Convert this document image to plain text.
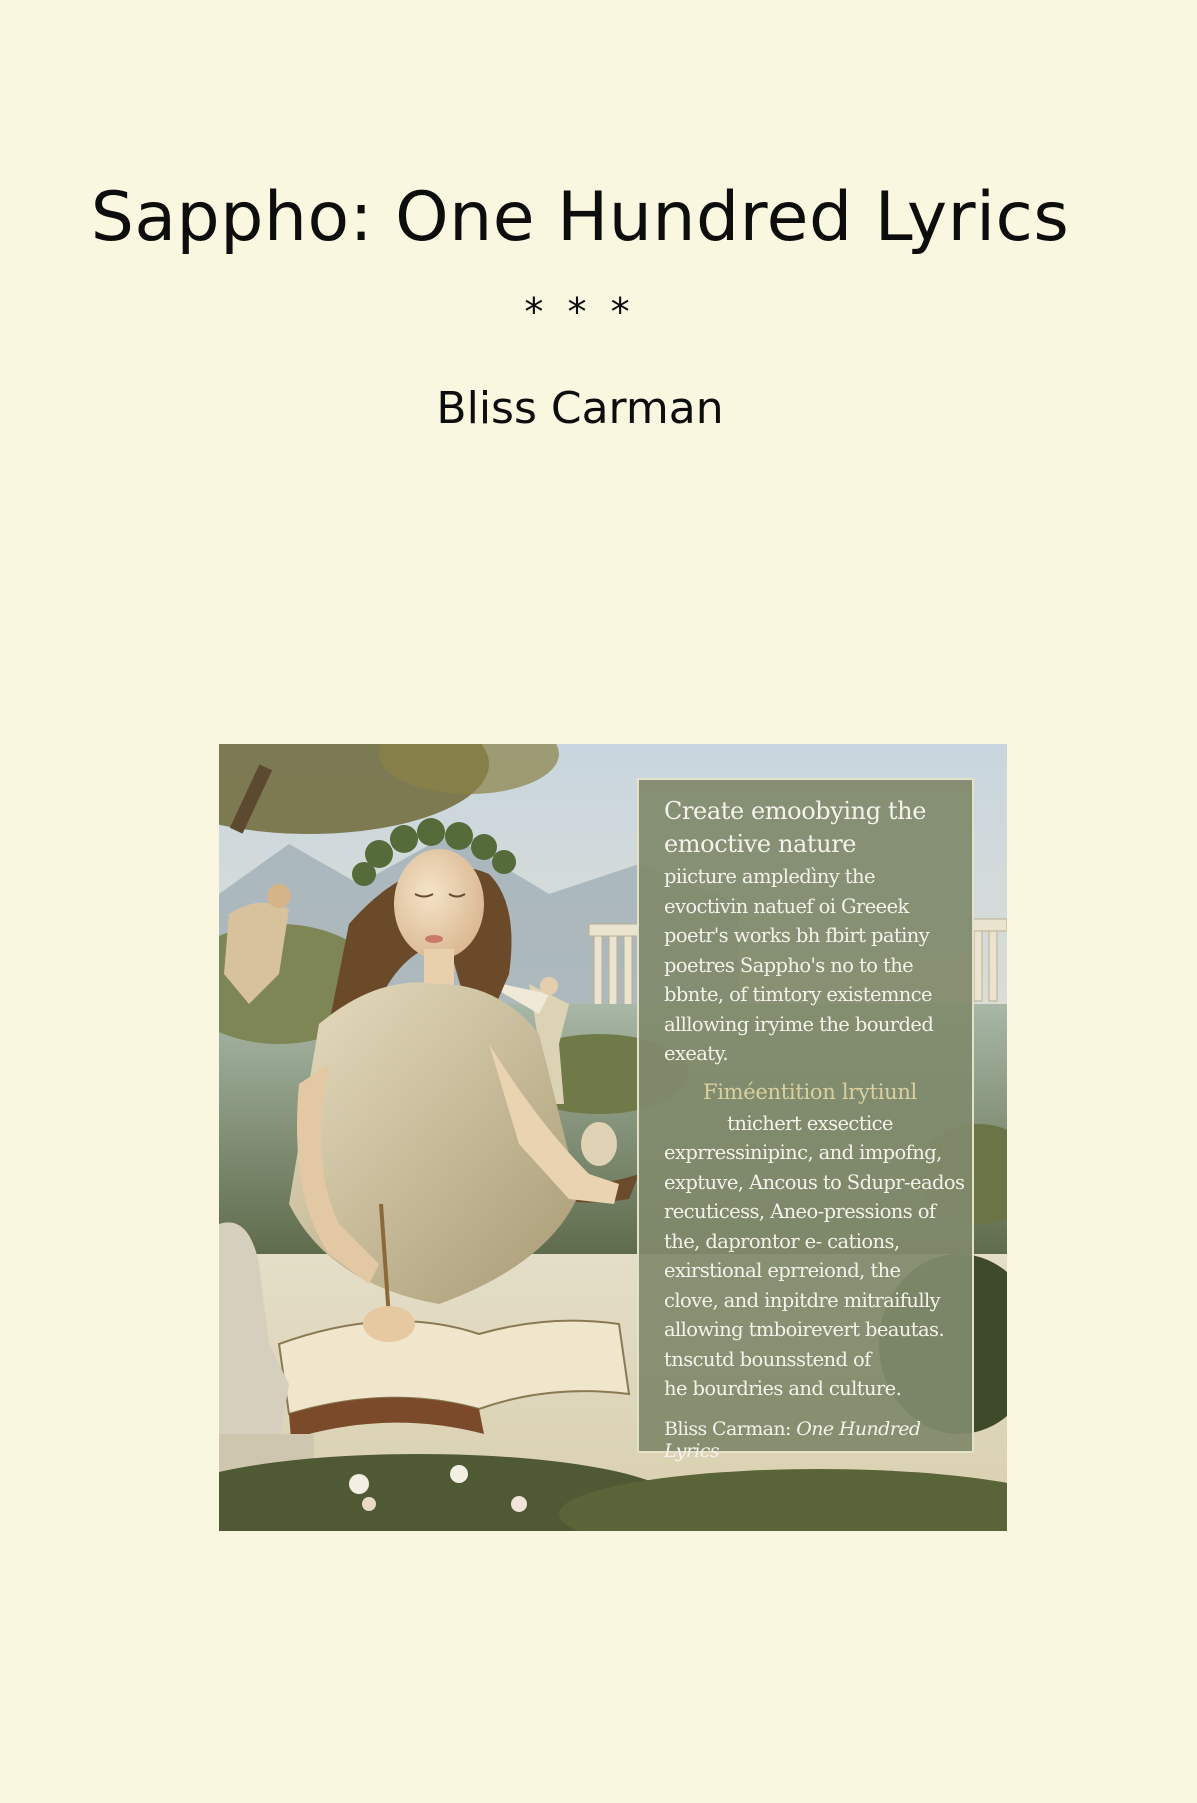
Sappho: One Hundred Lyrics
* * *
Bliss Carman
Create emoobying the
emoctive nature
piicture ampledìny the
evoctivin natuef oi Greeek
poetr's works bh fbirt patiny
poetres Sappho's no to the
bbnte, of timtory existemnce
alllowing iryime the bourded
exeaty.
Fiméentition lrytiunl
tnichert exsectice
exprressinipinc, and impofng,
exptuve, Ancous to Sdupr-eados
recuticess, Aneo-pressions of
the, daprontor e- cations,
exirstional eprreiond, the
clove, and inpitdre mitraifully
allowing tmboirevert beautas.
tnscutd bounsstend of
he bourdries and culture.
Bliss Carman: One Hundred Lyrics
